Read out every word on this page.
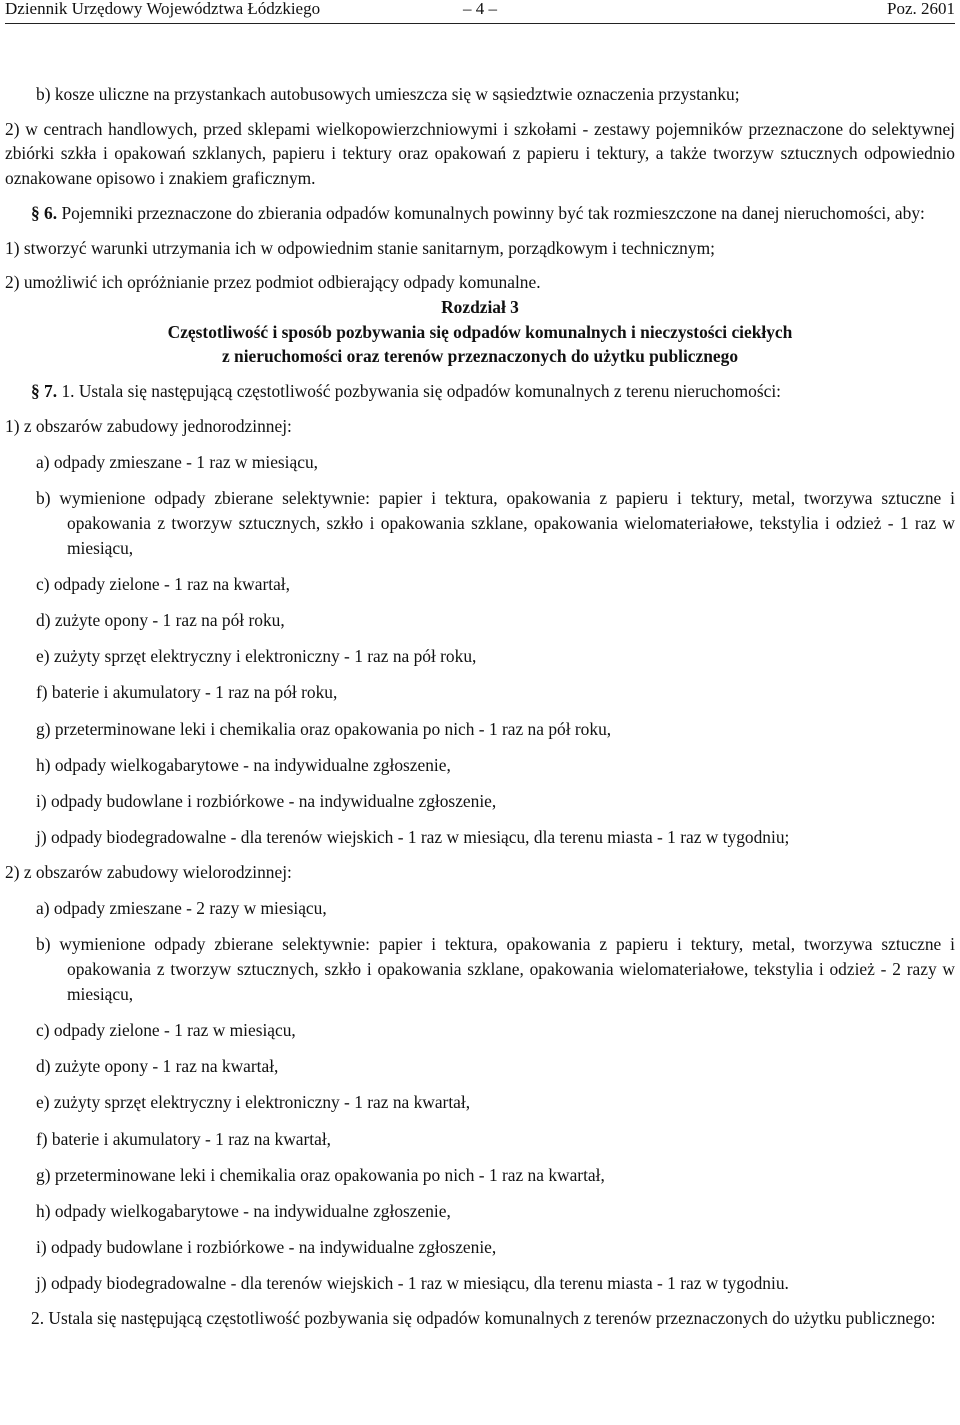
Dziennik Urzędowy Województwa Łódzkiego	– 4 –	Poz. 2601

b) kosze uliczne na przystankach autobusowych umieszcza się w sąsiedztwie oznaczenia przystanku;

2) w centrach handlowych, przed sklepami wielkopowierzchniowymi i szkołami - zestawy pojemników przeznaczone do selektywnej zbiórki szkła i opakowań szklanych, papieru i tektury oraz opakowań z papieru i tektury, a także tworzyw sztucznych odpowiednio oznakowane opisowo i znakiem graficznym.

§ 6. Pojemniki przeznaczone do zbierania odpadów komunalnych powinny być tak rozmieszczone na danej nieruchomości, aby:

1) stworzyć warunki utrzymania ich w odpowiednim stanie sanitarnym, porządkowym i technicznym;

2) umożliwić ich opróżnianie przez podmiot odbierający odpady komunalne.

Rozdział 3

Częstotliwość i sposób pozbywania się odpadów komunalnych i nieczystości ciekłych

z nieruchomości oraz terenów przeznaczonych do użytku publicznego

§ 7. 1. Ustala się następującą częstotliwość pozbywania się odpadów komunalnych z terenu nieruchomości:

1) z obszarów zabudowy jednorodzinnej:

a) odpady zmieszane - 1 raz w miesiącu,

b) wymienione odpady zbierane selektywnie: papier i tektura, opakowania z papieru i tektury, metal, tworzywa sztuczne i opakowania z tworzyw sztucznych, szkło i opakowania szklane, opakowania wielomateriałowe, tekstylia i odzież - 1 raz w miesiącu,

c) odpady zielone - 1 raz na kwartał,

d) zużyte opony - 1 raz na pół roku,

e) zużyty sprzęt elektryczny i elektroniczny - 1 raz na pół roku,

f) baterie i akumulatory - 1 raz na pół roku,

g) przeterminowane leki i chemikalia oraz opakowania po nich - 1 raz na pół roku,

h) odpady wielkogabarytowe - na indywidualne zgłoszenie,

i) odpady budowlane i rozbiórkowe - na indywidualne zgłoszenie,

j) odpady biodegradowalne - dla terenów wiejskich - 1 raz w miesiącu, dla terenu miasta - 1 raz w tygodniu;

2) z obszarów zabudowy wielorodzinnej:

a) odpady zmieszane - 2 razy w miesiącu,

b) wymienione odpady zbierane selektywnie: papier i tektura, opakowania z papieru i tektury, metal, tworzywa sztuczne i opakowania z tworzyw sztucznych, szkło i opakowania szklane, opakowania wielomateriałowe, tekstylia i odzież - 2 razy w miesiącu,

c) odpady zielone - 1 raz w miesiącu,

d) zużyte opony - 1 raz na kwartał,

e) zużyty sprzęt elektryczny i elektroniczny - 1 raz na kwartał,

f) baterie i akumulatory - 1 raz na kwartał,

g) przeterminowane leki i chemikalia oraz opakowania po nich - 1 raz na kwartał,

h) odpady wielkogabarytowe - na indywidualne zgłoszenie,

i) odpady budowlane i rozbiórkowe - na indywidualne zgłoszenie,

j) odpady biodegradowalne - dla terenów wiejskich - 1 raz w miesiącu, dla terenu miasta - 1 raz w tygodniu.

2. Ustala się następującą częstotliwość pozbywania się odpadów komunalnych z terenów przeznaczonych do użytku publicznego:
